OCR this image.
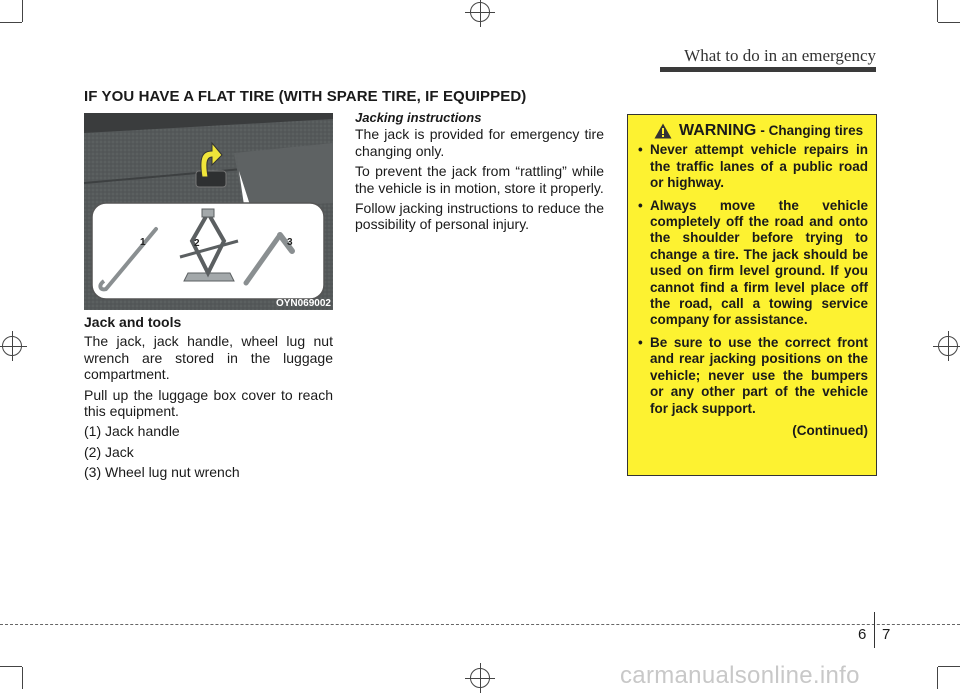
What to do in an emergency
IF YOU HAVE A FLAT TIRE (WITH SPARE TIRE, IF EQUIPPED)
1	2	3
OYN069002
Jack and tools

The jack, jack handle, wheel lug nut wrench are stored in the luggage compartment.

Pull up the luggage box cover to reach this equipment.

(1) Jack handle

(2) Jack

(3) Wheel lug nut wrench

Jacking instructions

The jack is provided for emergency tire changing only.

To prevent the jack from “rattling” while the vehicle is in motion, store it properly.

Follow jacking instructions to reduce the possibility of personal injury.

WARNING - Changing tires
• Never attempt vehicle repairs in the traffic lanes of a public road or highway.
• Always move the vehicle completely off the road and onto the shoulder before trying to change a tire. The jack should be used on firm level ground. If you cannot find a firm level place off the road, call a towing service company for assistance.
• Be sure to use the correct front and rear jacking positions on the vehicle; never use the bumpers or any other part of the vehicle for jack support.
(Continued)
6 7
carmanualsonline.info
